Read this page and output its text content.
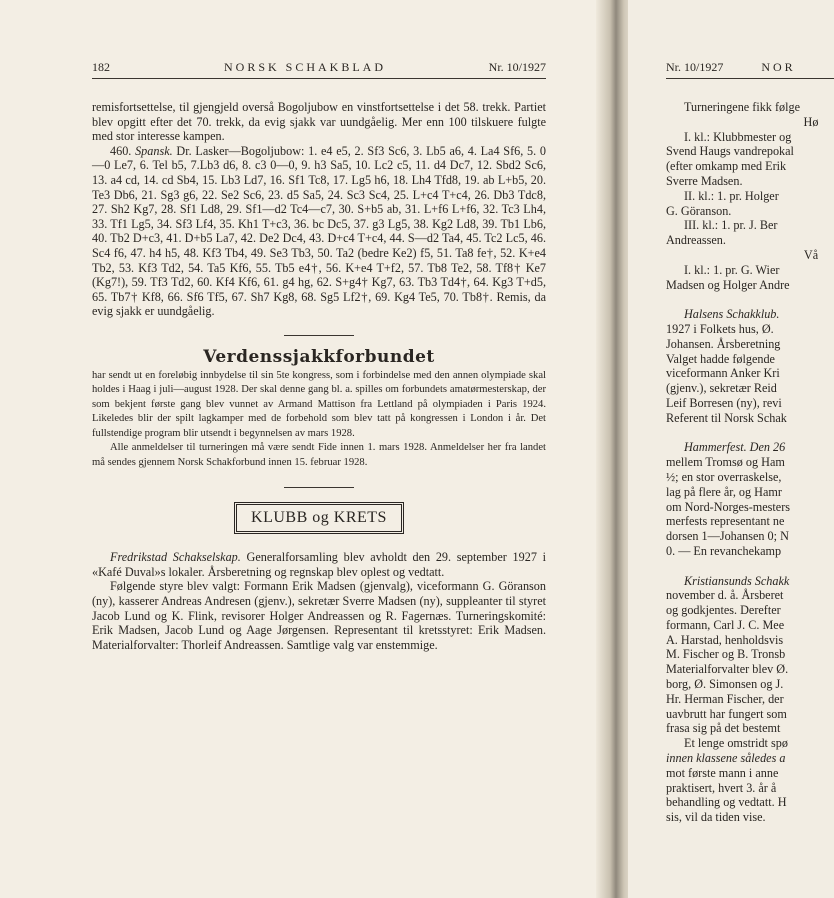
182	NORSK SCHAKBLAD	Nr. 10/1927

remisfortsettelse, til gjengjeld overså Bogoljubow en vinstfortsettelse i det 58. trekk. Partiet blev opgitt efter det 70. trekk, da evig sjakk var uundgåelig. Mer enn 100 tilskuere fulgte med stor interesse kampen.

460. Spansk. Dr. Lasker—Bogoljubow: 1. e4 e5, 2. Sf3 Sc6, 3. Lb5 a6, 4. La4 Sf6, 5. 0—0 Le7, 6. Tel b5, 7.Lb3 d6, 8. c3 0—0, 9. h3 Sa5, 10. Lc2 c5, 11. d4 Dc7, 12. Sbd2 Sc6, 13. a4 cd, 14. cd Sb4, 15. Lb3 Ld7, 16. Sf1 Tc8, 17. Lg5 h6, 18. Lh4 Tfd8, 19. ab L+b5, 20. Te3 Db6, 21. Sg3 g6, 22. Se2 Sc6, 23. d5 Sa5, 24. Sc3 Sc4, 25. L+c4 T+c4, 26. Db3 Tdc8, 27. Sh2 Kg7, 28. Sf1 Ld8, 29. Sf1—d2 Tc4—c7, 30. S+b5 ab, 31. L+f6 L+f6, 32. Tc3 Lh4, 33. Tf1 Lg5, 34. Sf3 Lf4, 35. Kh1 T+c3, 36. bc Dc5, 37. g3 Lg5, 38. Kg2 Ld8, 39. Tb1 Lb6, 40. Tb2 D+c3, 41. D+b5 La7, 42. De2 Dc4, 43. D+c4 T+c4, 44. S—d2 Ta4, 45. Tc2 Lc5, 46. Sc4 f6, 47. h4 h5, 48. Kf3 Tb4, 49. Se3 Tb3, 50. Ta2 (bedre Ke2) f5, 51. Ta8 fe†, 52. K+e4 Tb2, 53. Kf3 Td2, 54. Ta5 Kf6, 55. Tb5 e4†, 56. K+e4 T+f2, 57. Tb8 Te2, 58. Tf8† Ke7 (Kg7!), 59. Tf3 Td2, 60. Kf4 Kf6, 61. g4 hg, 62. S+g4† Kg7, 63. Tb3 Td4†, 64. Kg3 T+d5, 65. Tb7† Kf8, 66. Sf6 Tf5, 67. Sh7 Kg8, 68. Sg5 Lf2†, 69. Kg4 Te5, 70. Tb8†. Remis, da evig sjakk er uundgåelig.

Verdenssjakkforbundet

har sendt ut en foreløbig innbydelse til sin 5te kongress, som i forbindelse med den annen olympiade skal holdes i Haag i juli—august 1928. Der skal denne gang bl. a. spilles om forbundets amatørmesterskap, der som bekjent første gang blev vunnet av Armand Mattison fra Lettland på olympiaden i Paris 1924. Likeledes blir der spilt lagkamper med de forbehold som blev tatt på kongressen i London i år. Det fullstendige program blir utsendt i begynnelsen av mars 1928.

Alle anmeldelser til turneringen må være sendt Fide innen 1. mars 1928. Anmeldelser her fra landet må sendes gjennem Norsk Schakforbund innen 15. februar 1928.

KLUBB og KRETS

Fredrikstad Schakselskap. Generalforsamling blev avholdt den 29. september 1927 i «Kafé Duval»s lokaler. Årsberetning og regnskap blev oplest og vedtatt.

Følgende styre blev valgt: Formann Erik Madsen (gjenvalg), viceformann G. Göranson (ny), kasserer Andreas Andresen (gjenv.), sekretær Sverre Madsen (ny), suppleanter til styret Jacob Lund og K. Flink, revisorer Holger Andreassen og R. Fagernæs. Turneringskomité: Erik Madsen, Jacob Lund og Aage Jørgensen. Representant til kretsstyret: Erik Madsen. Materialforvalter: Thorleif Andreassen. Samtlige valg var enstemmige.

Nr. 10/1927	NOR

Turneringene fikk følge

Hø

I. kl.: Klubbmester og

Svend Haugs vandrepokal

(efter omkamp med Erik

Sverre Madsen.

II. kl.: 1. pr. Holger

G. Göranson.

III. kl.: 1. pr. J. Ber

Andreassen.

Vå

I. kl.: 1. pr. G. Wier

Madsen og Holger Andre

Halsens Schakklub.

1927 i Folkets hus, Ø.

Johansen. Årsberetning

Valget hadde følgende

viceformann Anker Kri

(gjenv.), sekretær Reid

Leif Borresen (ny), revi

Referent til Norsk Schak

Hammerfest. Den 26

mellem Tromsø og Ham

½; en stor overraskelse,

lag på flere år, og Hamr

om Nord-Norges-mesters

merfests representant ne

dorsen 1—Johansen 0; N

0. — En revanchekamp

Kristiansunds Schakk

november d. å. Årsberet

og godkjentes. Derefter

formann, Carl J. C. Mee

A. Harstad, henholdsvis

M. Fischer og B. Tronsb

Materialforvalter blev Ø.

borg, Ø. Simonsen og J.

Hr. Herman Fischer, der

uavbrutt har fungert som

frasa sig på det bestemt

Et lenge omstridt spø

innen klassene således a

mot første mann i anne

praktisert, hvert 3. år å

behandling og vedtatt. H

sis, vil da tiden vise.
